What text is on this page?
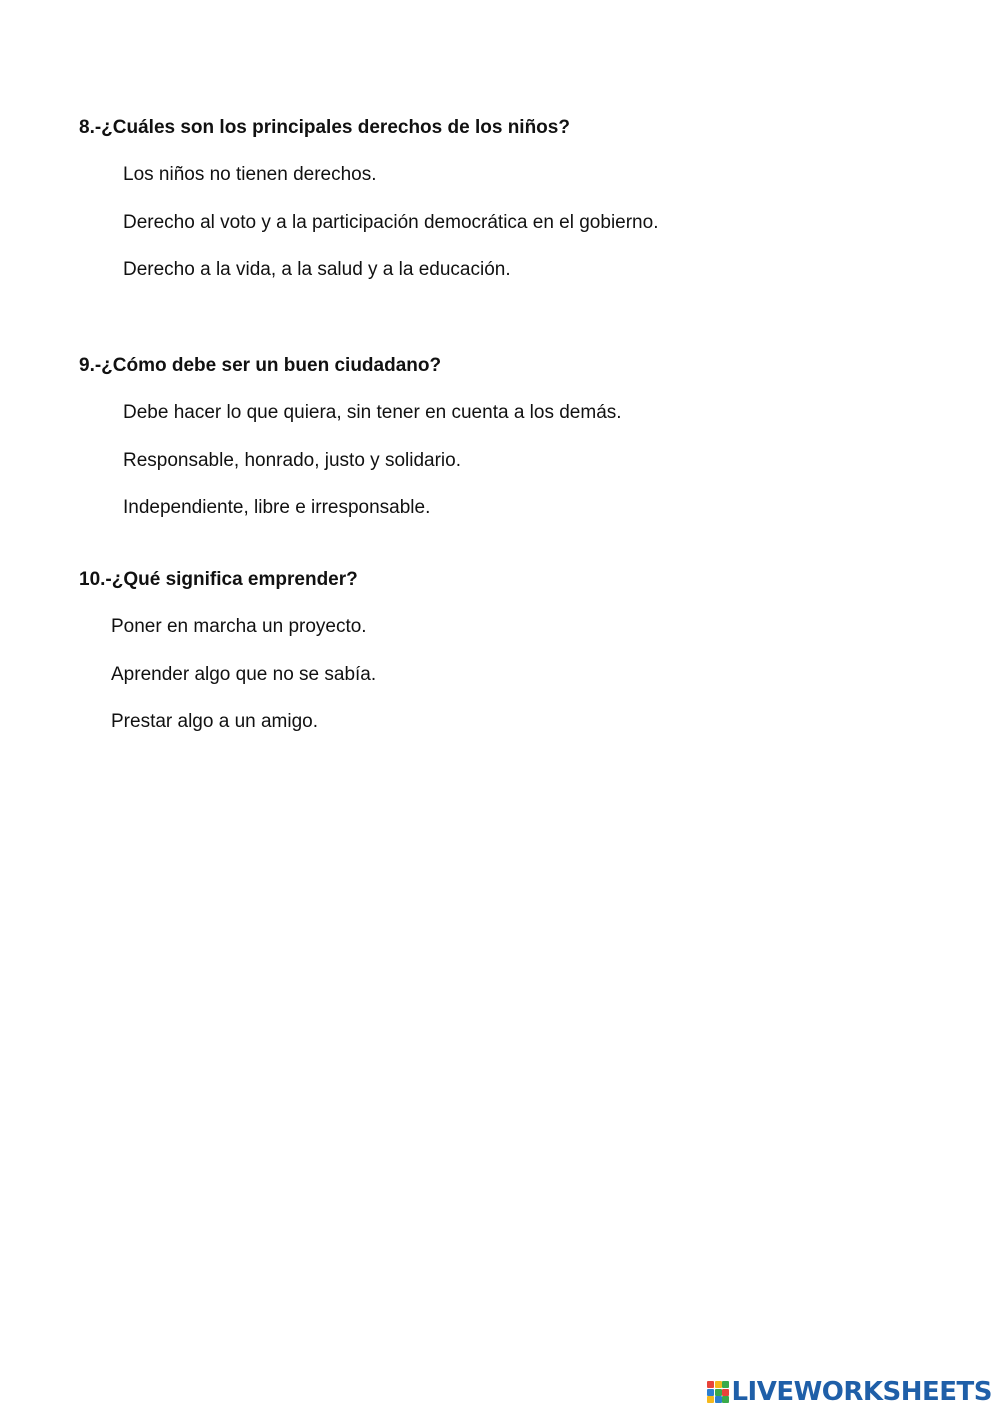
8.-¿Cuáles son los principales derechos de los niños?
Los niños no tienen derechos.
Derecho al voto y a la participación democrática en el gobierno.
Derecho a la vida, a la salud y a la educación.
9.-¿Cómo debe ser un buen ciudadano?
Debe hacer lo que quiera, sin tener en cuenta a los demás.
Responsable, honrado, justo y solidario.
Independiente, libre e irresponsable.
10.-¿Qué significa emprender?
Poner en marcha un proyecto.
Aprender algo que no se sabía.
Prestar algo a un amigo.
LIVEWORKSHEETS
